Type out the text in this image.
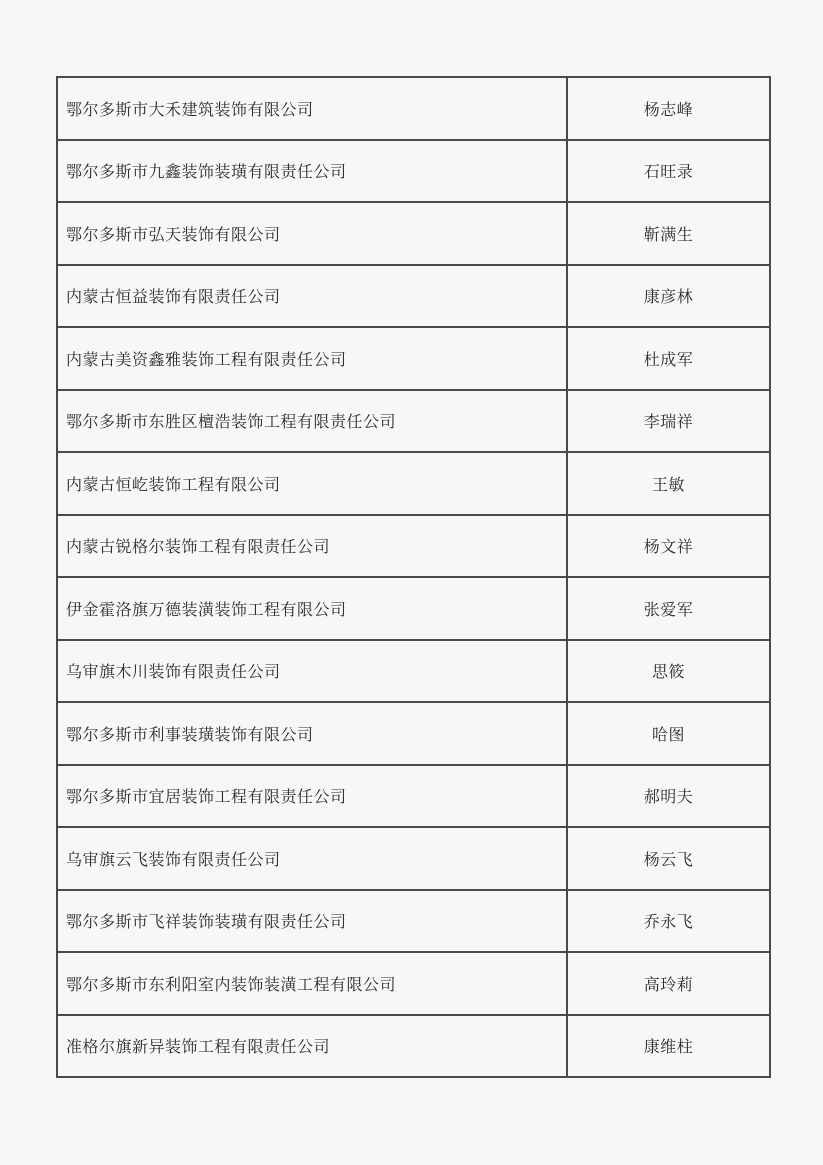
鄂尔多斯市大禾建筑装饰有限公司	杨志峰
鄂尔多斯市九鑫装饰装璜有限责任公司	石旺录
鄂尔多斯市弘天装饰有限公司	靳满生
内蒙古恒益装饰有限责任公司	康彦林
内蒙古美资鑫雅装饰工程有限责任公司	杜成军
鄂尔多斯市东胜区檀浩装饰工程有限责任公司	李瑞祥
内蒙古恒屹装饰工程有限公司	王敏
内蒙古锐格尔装饰工程有限责任公司	杨文祥
伊金霍洛旗万德装潢装饰工程有限公司	张爱军
乌审旗木川装饰有限责任公司	思筱
鄂尔多斯市利事装璜装饰有限公司	哈图
鄂尔多斯市宜居装饰工程有限责任公司	郝明夫
乌审旗云飞装饰有限责任公司	杨云飞
鄂尔多斯市飞祥装饰装璜有限责任公司	乔永飞
鄂尔多斯市东利阳室内装饰装潢工程有限公司	高玲莉
准格尔旗新异装饰工程有限责任公司	康维柱
